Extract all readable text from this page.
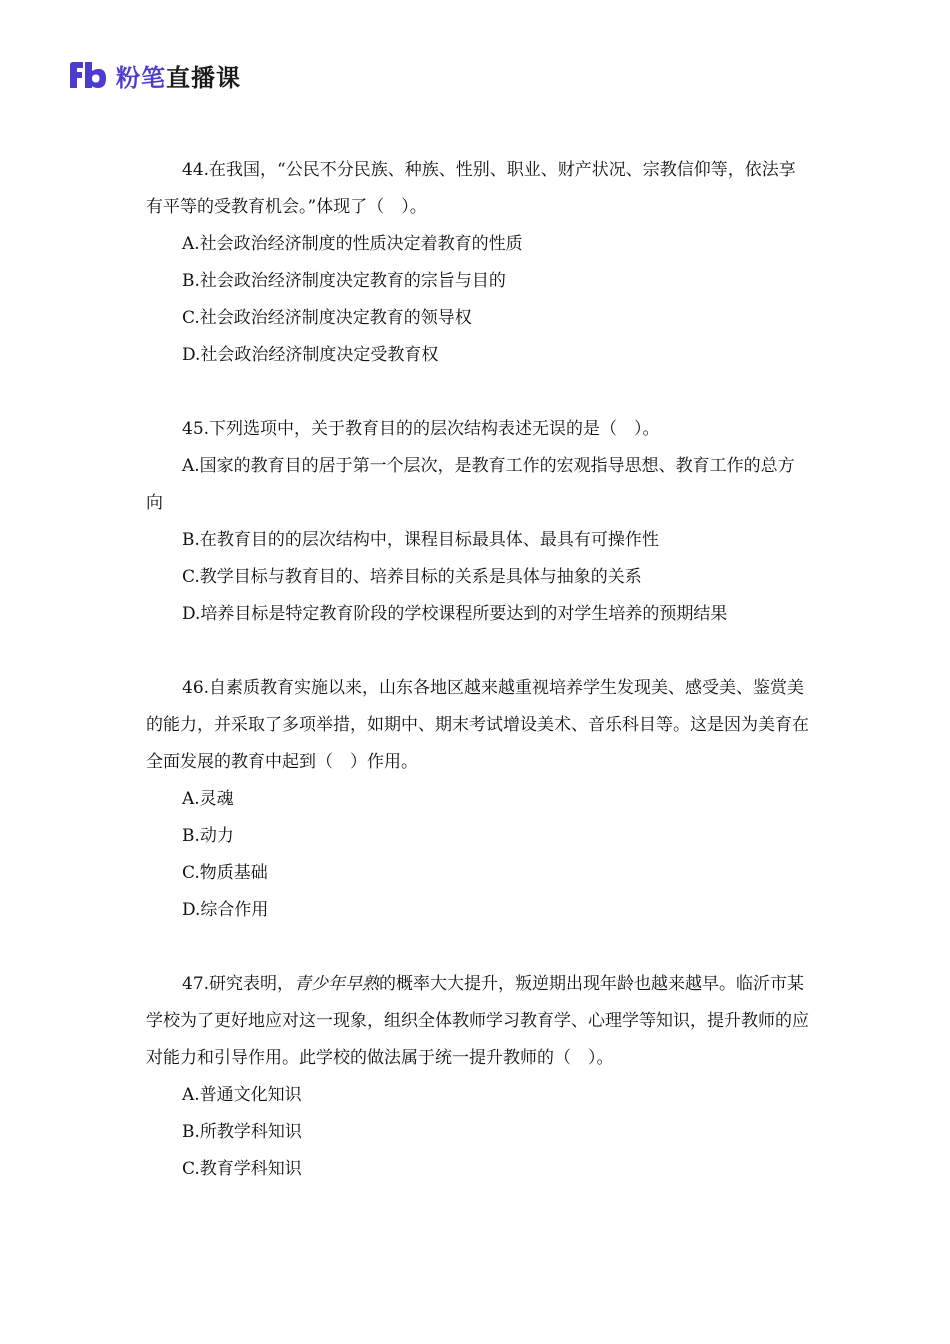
粉笔直播课
44.在我国，“公民不分民族、种族、性别、职业、财产状况、宗教信仰等，依法享有平等的受教育机会。”体现了（　）。
A.社会政治经济制度的性质决定着教育的性质
B.社会政治经济制度决定教育的宗旨与目的
C.社会政治经济制度决定教育的领导权
D.社会政治经济制度决定受教育权
45.下列选项中，关于教育目的的层次结构表述无误的是（　）。
A.国家的教育目的居于第一个层次，是教育工作的宏观指导思想、教育工作的总方向
B.在教育目的的层次结构中，课程目标最具体、最具有可操作性
C.教学目标与教育目的、培养目标的关系是具体与抽象的关系
D.培养目标是特定教育阶段的学校课程所要达到的对学生培养的预期结果
46.自素质教育实施以来，山东各地区越来越重视培养学生发现美、感受美、鉴赏美的能力，并采取了多项举措，如期中、期末考试增设美术、音乐科目等。这是因为美育在全面发展的教育中起到（　）作用。
A.灵魂
B.动力
C.物质基础
D.综合作用
47.研究表明，青少年早熟的概率大大提升，叛逆期出现年龄也越来越早。临沂市某学校为了更好地应对这一现象，组织全体教师学习教育学、心理学等知识，提升教师的应对能力和引导作用。此学校的做法属于统一提升教师的（　）。
A.普通文化知识
B.所教学科知识
C.教育学科知识
